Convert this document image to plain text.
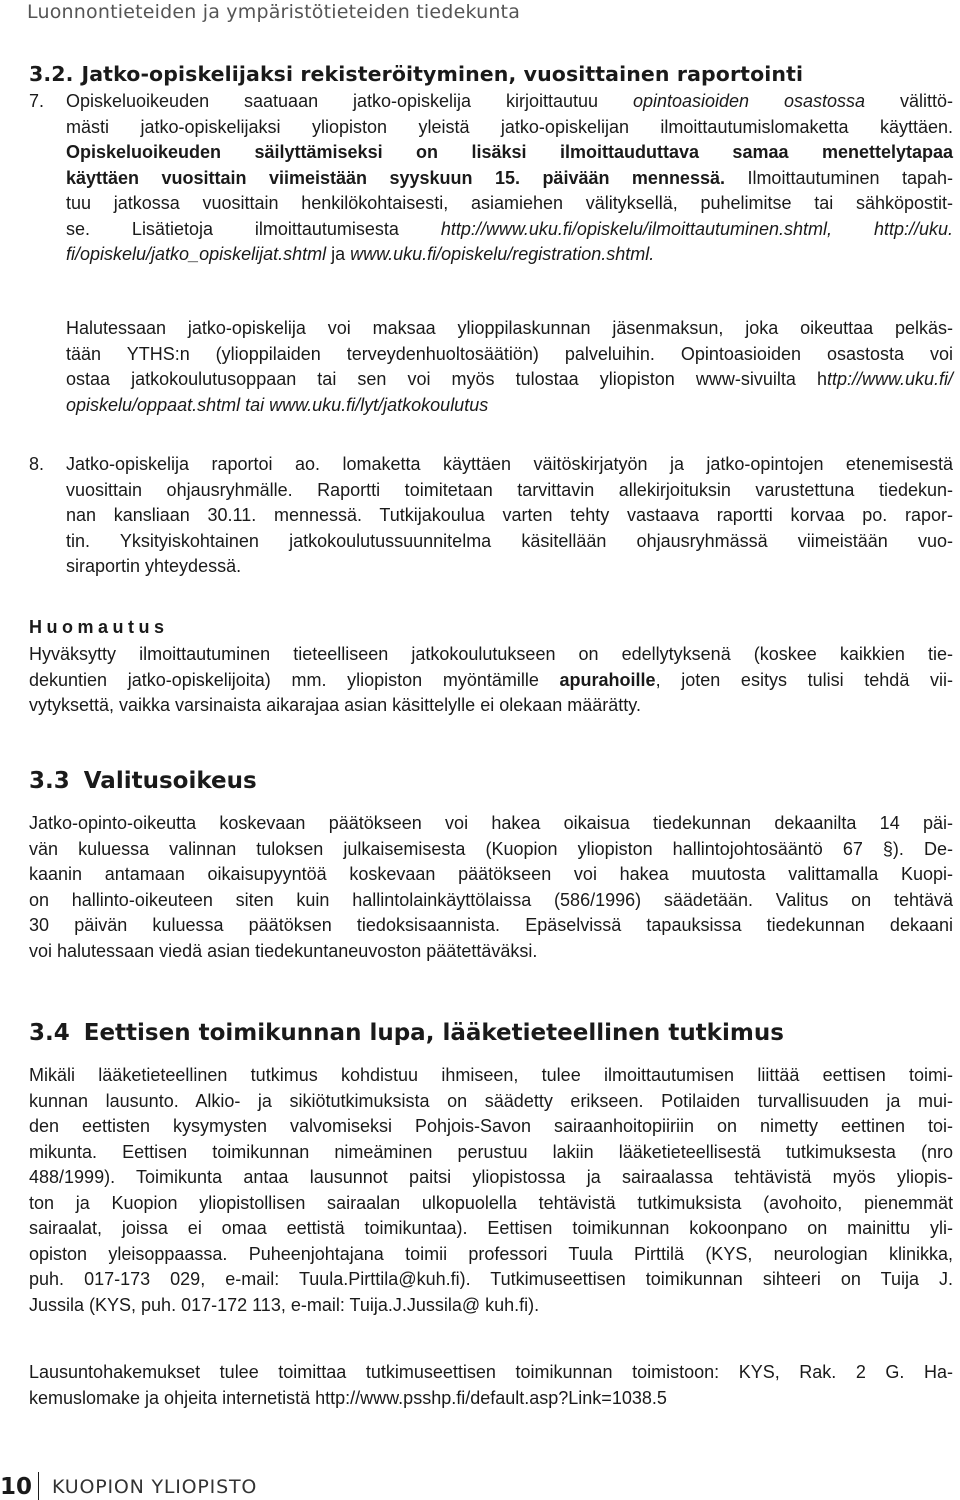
Luonnontieteiden ja ympäristötieteiden tiedekunta
3.2. Jatko-opiskelijaksi rekisteröityminen, vuosittainen raportointi
7. Opiskeluoikeuden saatuaan jatko-opiskelija kirjoittautuu opintoasioiden osastossa välittö-
mästi jatko-opiskelijaksi yliopiston yleistä jatko-opiskelijan ilmoittautumislomaketta käyttäen.
Opiskeluoikeuden säilyttämiseksi on lisäksi ilmoittauduttava samaa menettelytapaa
käyttäen vuosittain viimeistään syyskuun 15. päivään mennessä. Ilmoittautuminen tapah-
tuu jatkossa vuosittain henkilökohtaisesti, asiamiehen välityksellä, puhelimitse tai sähköpostit-
se. Lisätietoja ilmoittautumisesta http://www.uku.fi/opiskelu/ilmoittautuminen.shtml, http://uku.
fi/opiskelu/jatko_opiskelijat.shtml ja www.uku.fi/opiskelu/registration.shtml.
Halutessaan jatko-opiskelija voi maksaa ylioppilaskunnan jäsenmaksun, joka oikeuttaa pelkäs-
tään YTHS:n (ylioppilaiden terveydenhuoltosäätiön) palveluihin. Opintoasioiden osastosta voi
ostaa jatkokoulutusoppaan tai sen voi myös tulostaa yliopiston www-sivuilta http://www.uku.fi/
opiskelu/oppaat.shtml tai www.uku.fi/lyt/jatkokoulutus
8. Jatko-opiskelija raportoi ao. lomaketta käyttäen väitöskirjatyön ja jatko-opintojen etenemisestä
vuosittain ohjausryhmälle. Raportti toimitetaan tarvittavin allekirjoituksin varustettuna tiedekun-
nan kansliaan 30.11. mennessä. Tutkijakoulua varten tehty vastaava raportti korvaa po. rapor-
tin. Yksityiskohtainen jatkokoulutussuunnitelma käsitellään ohjausryhmässä viimeistään vuo-
siraportin yhteydessä.
Huomautus
Hyväksytty ilmoittautuminen tieteelliseen jatkokoulutukseen on edellytyksenä (koskee kaikkien tie-
dekuntien jatko-opiskelijoita) mm. yliopiston myöntämille apurahoille, joten esitys tulisi tehdä vii-
vytyksettä, vaikka varsinaista aikarajaa asian käsittelylle ei olekaan määrätty.
3.3 Valitusoikeus
Jatko-opinto-oikeutta koskevaan päätökseen voi hakea oikaisua tiedekunnan dekaanilta 14 päi-
vän kuluessa valinnan tuloksen julkaisemisesta (Kuopion yliopiston hallintojohtosääntö 67 §). De-
kaanin antamaan oikaisupyyntöä koskevaan päätökseen voi hakea muutosta valittamalla Kuopi-
on hallinto-oikeuteen siten kuin hallintolainkäyttölaissa (586/1996) säädetään. Valitus on tehtävä
30 päivän kuluessa päätöksen tiedoksisaannista. Epäselvissä tapauksissa tiedekunnan dekaani
voi halutessaan viedä asian tiedekuntaneuvoston päätettäväksi.
3.4 Eettisen toimikunnan lupa, lääketieteellinen tutkimus
Mikäli lääketieteellinen tutkimus kohdistuu ihmiseen, tulee ilmoittautumisen liittää eettisen toimi-
kunnan lausunto. Alkio- ja sikiötutkimuksista on säädetty erikseen. Potilaiden turvallisuuden ja mui-
den eettisten kysymysten valvomiseksi Pohjois-Savon sairaanhoitopiiriin on nimetty eettinen toi-
mikunta. Eettisen toimikunnan nimeäminen perustuu lakiin lääketieteellisestä tutkimuksesta (nro
488/1999). Toimikunta antaa lausunnot paitsi yliopistossa ja sairaalassa tehtävistä myös yliopis-
ton ja Kuopion yliopistollisen sairaalan ulkopuolella tehtävistä tutkimuksista (avohoito, pienemmät
sairaalat, joissa ei omaa eettistä toimikuntaa). Eettisen toimikunnan kokoonpano on mainittu yli-
opiston yleisoppaassa. Puheenjohtajana toimii professori Tuula Pirttilä (KYS, neurologian klinikka,
puh. 017-173 029, e-mail: Tuula.Pirttila@kuh.fi). Tutkimuseettisen toimikunnan sihteeri on Tuija J.
Jussila (KYS, puh. 017-172 113, e-mail: Tuija.J.Jussila@ kuh.fi).
Lausuntohakemukset tulee toimittaa tutkimuseettisen toimikunnan toimistoon: KYS, Rak. 2 G. Ha-
kemuslomake ja ohjeita internetistä http://www.psshp.fi/default.asp?Link=1038.5
10 KUOPION YLIOPISTO
